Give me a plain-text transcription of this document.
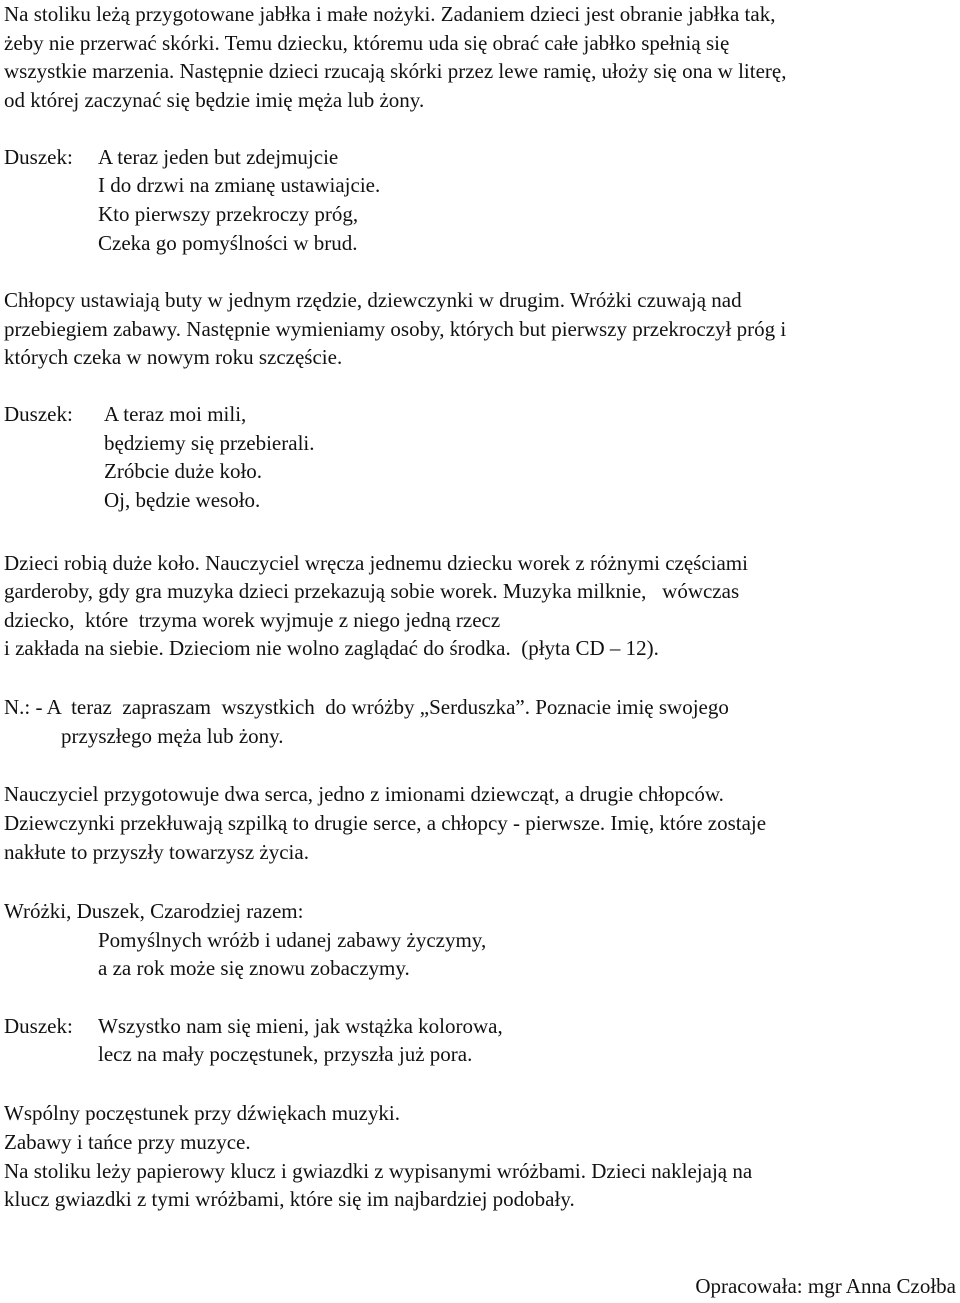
Na stoliku leżą przygotowane jabłka i małe nożyki. Zadaniem dzieci jest obranie jabłka tak,
żeby nie przerwać skórki. Temu dziecku, któremu uda się obrać całe jabłko spełnią się
wszystkie marzenia. Następnie dzieci rzucają skórki przez lewe ramię, ułoży się ona w literę,
od której zaczynać się będzie imię męża lub żony.
Duszek: A teraz jeden but zdejmujcie
I do drzwi na zmianę ustawiajcie.
Kto pierwszy przekroczy próg,
Czeka go pomyślności w brud.
Chłopcy ustawiają buty w jednym rzędzie, dziewczynki w drugim. Wróżki czuwają nad
przebiegiem zabawy. Następnie wymieniamy osoby, których but pierwszy przekroczył próg i
których czeka w nowym roku szczęście.
Duszek: A teraz moi mili,
będziemy się przebierali.
Zróbcie duże koło.
Oj, będzie wesoło.
Dzieci robią duże koło. Nauczyciel wręcza jednemu dziecku worek z różnymi częściami
garderoby, gdy gra muzyka dzieci przekazują sobie worek. Muzyka milknie,   wówczas
dziecko,  które  trzyma worek wyjmuje z niego jedną rzecz
i zakłada na siebie. Dzieciom nie wolno zaglądać do środka.  (płyta CD – 12).
N.: - A  teraz  zapraszam  wszystkich  do wróżby „Serduszka”. Poznacie imię swojego
przyszłego męża lub żony.
Nauczyciel przygotowuje dwa serca, jedno z imionami dziewcząt, a drugie chłopców.
Dziewczynki przekłuwają szpilką to drugie serce, a chłopcy - pierwsze. Imię, które zostaje
nakłute to przyszły towarzysz życia.
Wróżki, Duszek, Czarodziej razem:
Pomyślnych wróżb i udanej zabawy życzymy,
a za rok może się znowu zobaczymy.
Duszek: Wszystko nam się mieni, jak wstążka kolorowa,
lecz na mały poczęstunek, przyszła już pora.
Wspólny poczęstunek przy dźwiękach muzyki.
Zabawy i tańce przy muzyce.
Na stoliku leży papierowy klucz i gwiazdki z wypisanymi wróżbami. Dzieci naklejają na
klucz gwiazdki z tymi wróżbami, które się im najbardziej podobały.
Opracowała: mgr Anna Czołba
